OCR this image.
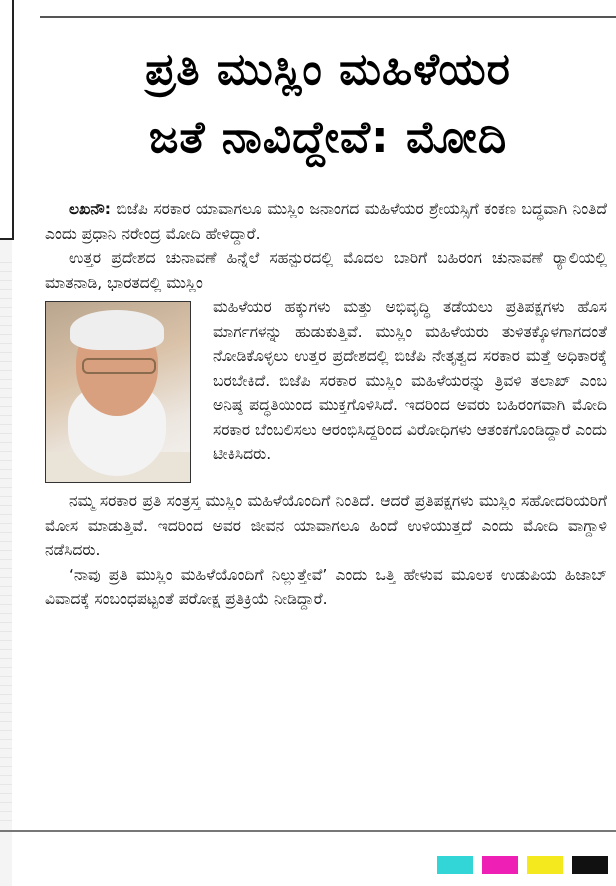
ಪ್ರತಿ ಮುಸ್ಲಿಂ ಮಹಿಳೆಯರ
ಜತೆ ನಾವಿದ್ದೇವೆ: ಮೋದಿ

ಲಖನೌ: ಬಿಜೆಪಿ ಸರಕಾರ ಯಾವಾಗಲೂ ಮುಸ್ಲಿಂ ಜನಾಂಗದ ಮಹಿಳೆಯರ ಶ್ರೇಯಸ್ಸಿಗೆ ಕಂಕಣ ಬದ್ಧವಾಗಿ ನಿಂತಿದೆ ಎಂದು ಪ್ರಧಾನಿ ನರೇಂದ್ರ ಮೋದಿ ಹೇಳಿದ್ದಾರೆ.

ಉತ್ತರ ಪ್ರದೇಶದ ಚುನಾವಣೆ ಹಿನ್ನೆಲೆ ಸಹನ್ಪುರದಲ್ಲಿ ಮೊದಲ ಬಾರಿಗೆ ಬಹಿರಂಗ ಚುನಾವಣೆ ರ್‍ಯಾಲಿಯಲ್ಲಿ ಮಾತನಾಡಿ, ಭಾರತದಲ್ಲಿ ಮುಸ್ಲಿಂ

ಮಹಿಳೆಯರ ಹಕ್ಕುಗಳು ಮತ್ತು ಅಭಿವೃದ್ಧಿ ತಡೆಯಲು ಪ್ರತಿಪಕ್ಷಗಳು ಹೊಸ ಮಾರ್ಗಗಳನ್ನು ಹುಡುಕುತ್ತಿವೆ. ಮುಸ್ಲಿಂ ಮಹಿಳೆಯರು ತುಳಿತಕ್ಕೊಳಗಾಗದಂತೆ ನೋಡಿಕೊಳ್ಳಲು ಉತ್ತರ ಪ್ರದೇಶದಲ್ಲಿ ಬಿಜೆಪಿ ನೇತೃತ್ವದ ಸರಕಾರ ಮತ್ತೆ ಅಧಿಕಾರಕ್ಕೆ ಬರಬೇಕಿದೆ. ಬಿಜೆಪಿ ಸರಕಾರ ಮುಸ್ಲಿಂ ಮಹಿಳೆಯರನ್ನು ತ್ರಿವಳಿ ತಲಾಖ್ ಎಂಬ ಅನಿಷ್ಠ ಪದ್ಧತಿಯಿಂದ ಮುಕ್ತಗೊಳಿಸಿದೆ. ಇದರಿಂದ ಅವರು ಬಹಿರಂಗವಾಗಿ ಮೋದಿ ಸರಕಾರ ಬೆಂಬಲಿಸಲು ಆರಂಭಿಸಿದ್ದರಿಂದ ವಿರೋಧಿಗಳು ಆತಂಕಗೊಂಡಿದ್ದಾರೆ ಎಂದು ಟೀಕಿಸಿದರು.

ನಮ್ಮ ಸರಕಾರ ಪ್ರತಿ ಸಂತ್ರಸ್ತ ಮುಸ್ಲಿಂ ಮಹಿಳೆಯೊಂದಿಗೆ ನಿಂತಿದೆ. ಆದರೆ ಪ್ರತಿಪಕ್ಷಗಳು ಮುಸ್ಲಿಂ ಸಹೋದರಿಯರಿಗೆ ಮೋಸ ಮಾಡುತ್ತಿವೆ. ಇದರಿಂದ ಅವರ ಜೀವನ ಯಾವಾಗಲೂ ಹಿಂದೆ ಉಳಿಯುತ್ತದೆ ಎಂದು ಮೋದಿ ವಾಗ್ದಾಳಿ ನಡೆಸಿದರು.

‘ನಾವು ಪ್ರತಿ ಮುಸ್ಲಿಂ ಮಹಿಳೆಯೊಂದಿಗೆ ನಿಲ್ಲುತ್ತೇವೆ’ ಎಂದು ಒತ್ತಿ ಹೇಳುವ ಮೂಲಕ ಉಡುಪಿಯ ಹಿಜಾಬ್ ವಿವಾದಕ್ಕೆ ಸಂಬಂಧಪಟ್ಟಂತೆ ಪರೋಕ್ಷ ಪ್ರತಿಕ್ರಿಯೆ ನೀಡಿದ್ದಾರೆ.
